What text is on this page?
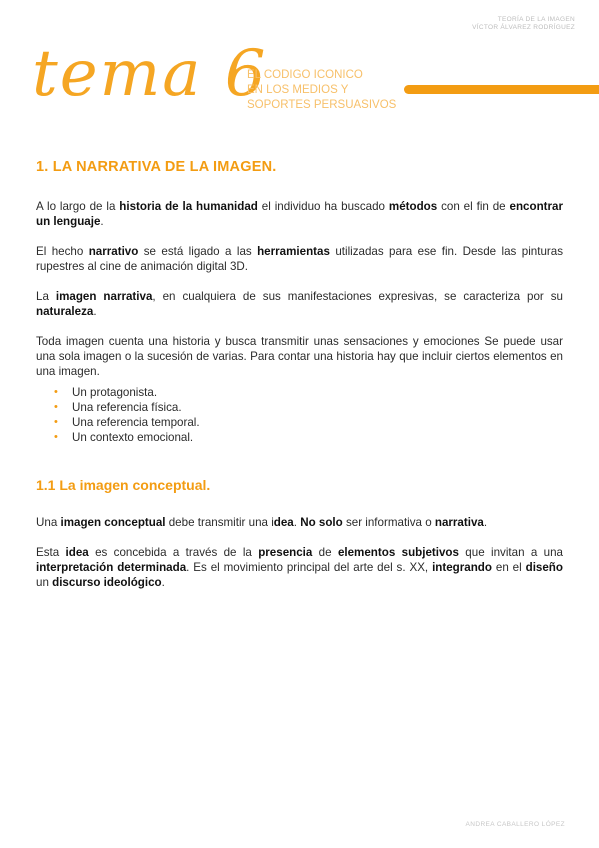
TEORÍA DE LA IMAGEN
VÍCTOR ÁLVAREZ RODRÍGUEZ
tema 6
EL CODIGO ICONICO
EN LOS MEDIOS Y
SOPORTES PERSUASIVOS
1. LA NARRATIVA DE LA IMAGEN.

A lo largo de la historia de la humanidad el individuo ha buscado métodos con el fin de encontrar un lenguaje.

El hecho narrativo se está ligado a las herramientas utilizadas para ese fin. Desde las pinturas rupestres al cine de animación digital 3D.

La imagen narrativa, en cualquiera de sus manifestaciones expresivas, se caracteriza por su naturaleza.

Toda imagen cuenta una historia y busca transmitir unas sensaciones y emociones Se puede usar una sola imagen o la sucesión de varias. Para contar una historia hay que incluir ciertos elementos en una imagen.

• Un protagonista.
• Una referencia física.
• Una referencia temporal.
• Un contexto emocional.
1.1 La imagen conceptual.

Una imagen conceptual debe transmitir una idea. No solo ser informativa o narrativa.

Esta idea es concebida a través de la presencia de elementos subjetivos que invitan a una interpretación determinada. Es el movimiento principal del arte del s. XX, integrando en el diseño un discurso ideológico.

ANDREA CABALLERO LÓPEZ
